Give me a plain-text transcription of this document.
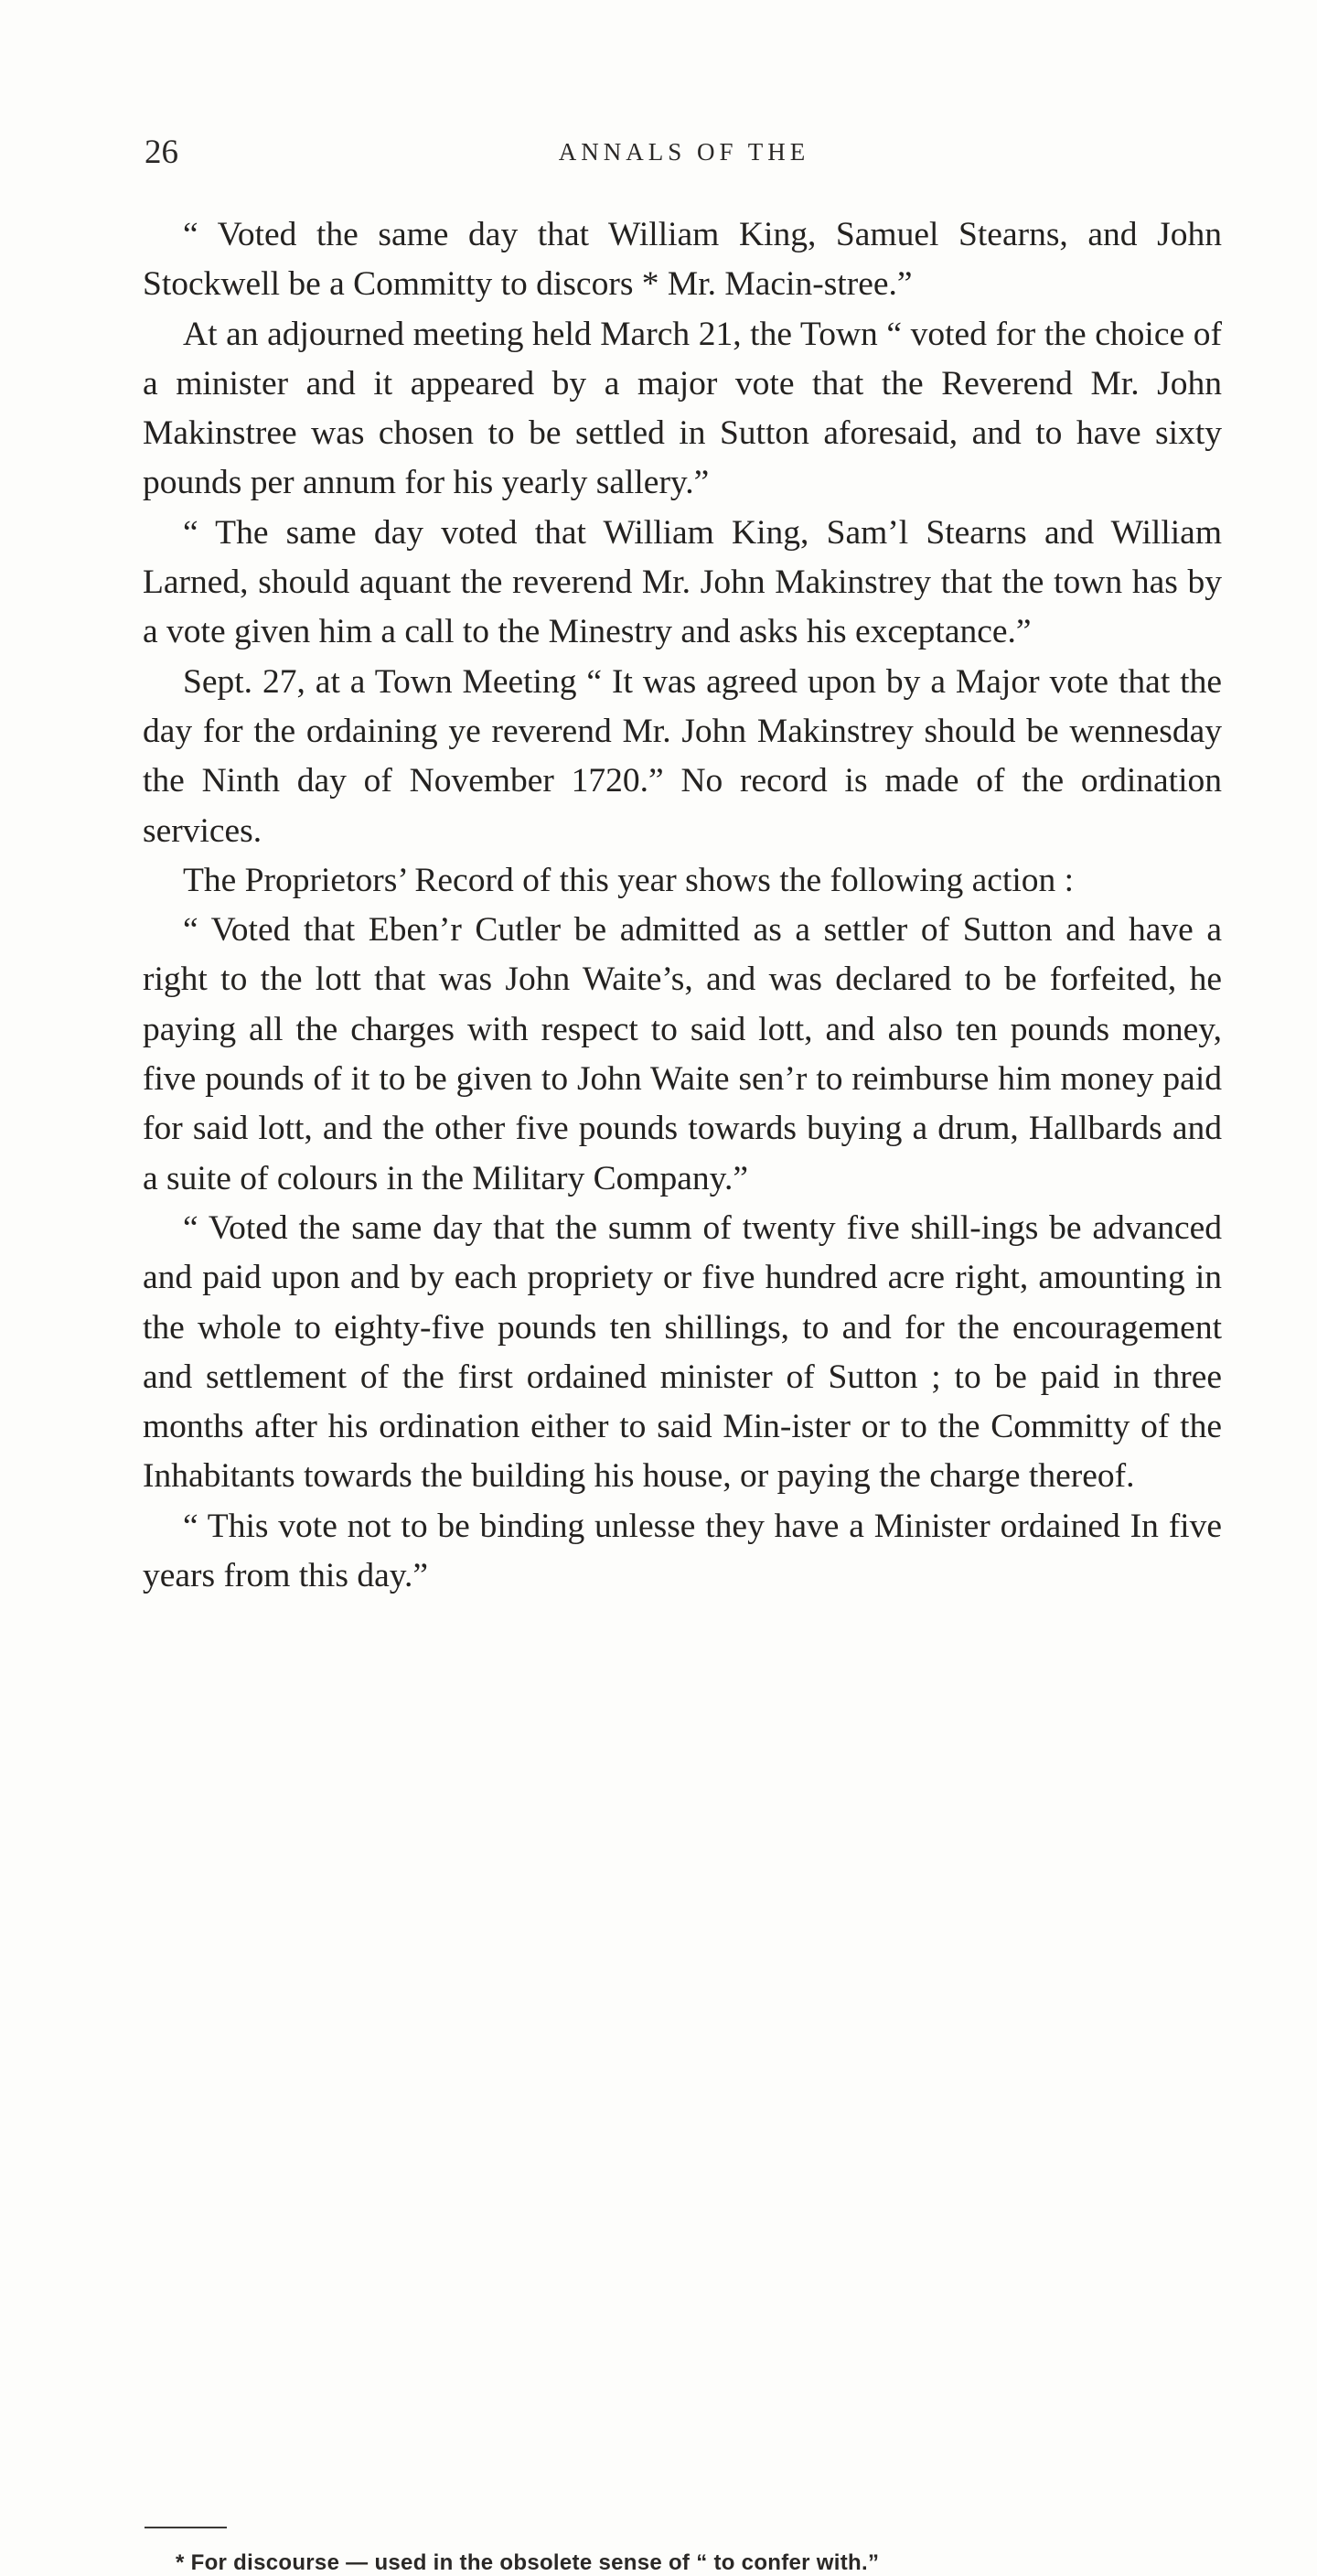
26	ANNALS OF THE

“ Voted the same day that William King, Samuel Stearns, and John Stockwell be a Committy to discors * Mr. Macin-stree.”

At an adjourned meeting held March 21, the Town “ voted for the choice of a minister and it appeared by a major vote that the Reverend Mr. John Makinstree was chosen to be settled in Sutton aforesaid, and to have sixty pounds per annum for his yearly sallery.”

“ The same day voted that William King, Sam’l Stearns and William Larned, should aquant the reverend Mr. John Makinstrey that the town has by a vote given him a call to the Minestry and asks his exceptance.”

Sept. 27, at a Town Meeting “ It was agreed upon by a Major vote that the day for the ordaining ye reverend Mr. John Makinstrey should be wennesday the Ninth day of November 1720.” No record is made of the ordination services.

The Proprietors’ Record of this year shows the following action :

“ Voted that Eben’r Cutler be admitted as a settler of Sutton and have a right to the lott that was John Waite’s, and was declared to be forfeited, he paying all the charges with respect to said lott, and also ten pounds money, five pounds of it to be given to John Waite sen’r to reimburse him money paid for said lott, and the other five pounds towards buying a drum, Hallbards and a suite of colours in the Military Company.”

“ Voted the same day that the summ of twenty five shill-ings be advanced and paid upon and by each propriety or five hundred acre right, amounting in the whole to eighty-five pounds ten shillings, to and for the encouragement and settlement of the first ordained minister of Sutton ; to be paid in three months after his ordination either to said Min-ister or to the Committy of the Inhabitants towards the building his house, or paying the charge thereof.

“ This vote not to be binding unlesse they have a Minister ordained In five years from this day.”

* For discourse — used in the obsolete sense of “ to confer with.”
